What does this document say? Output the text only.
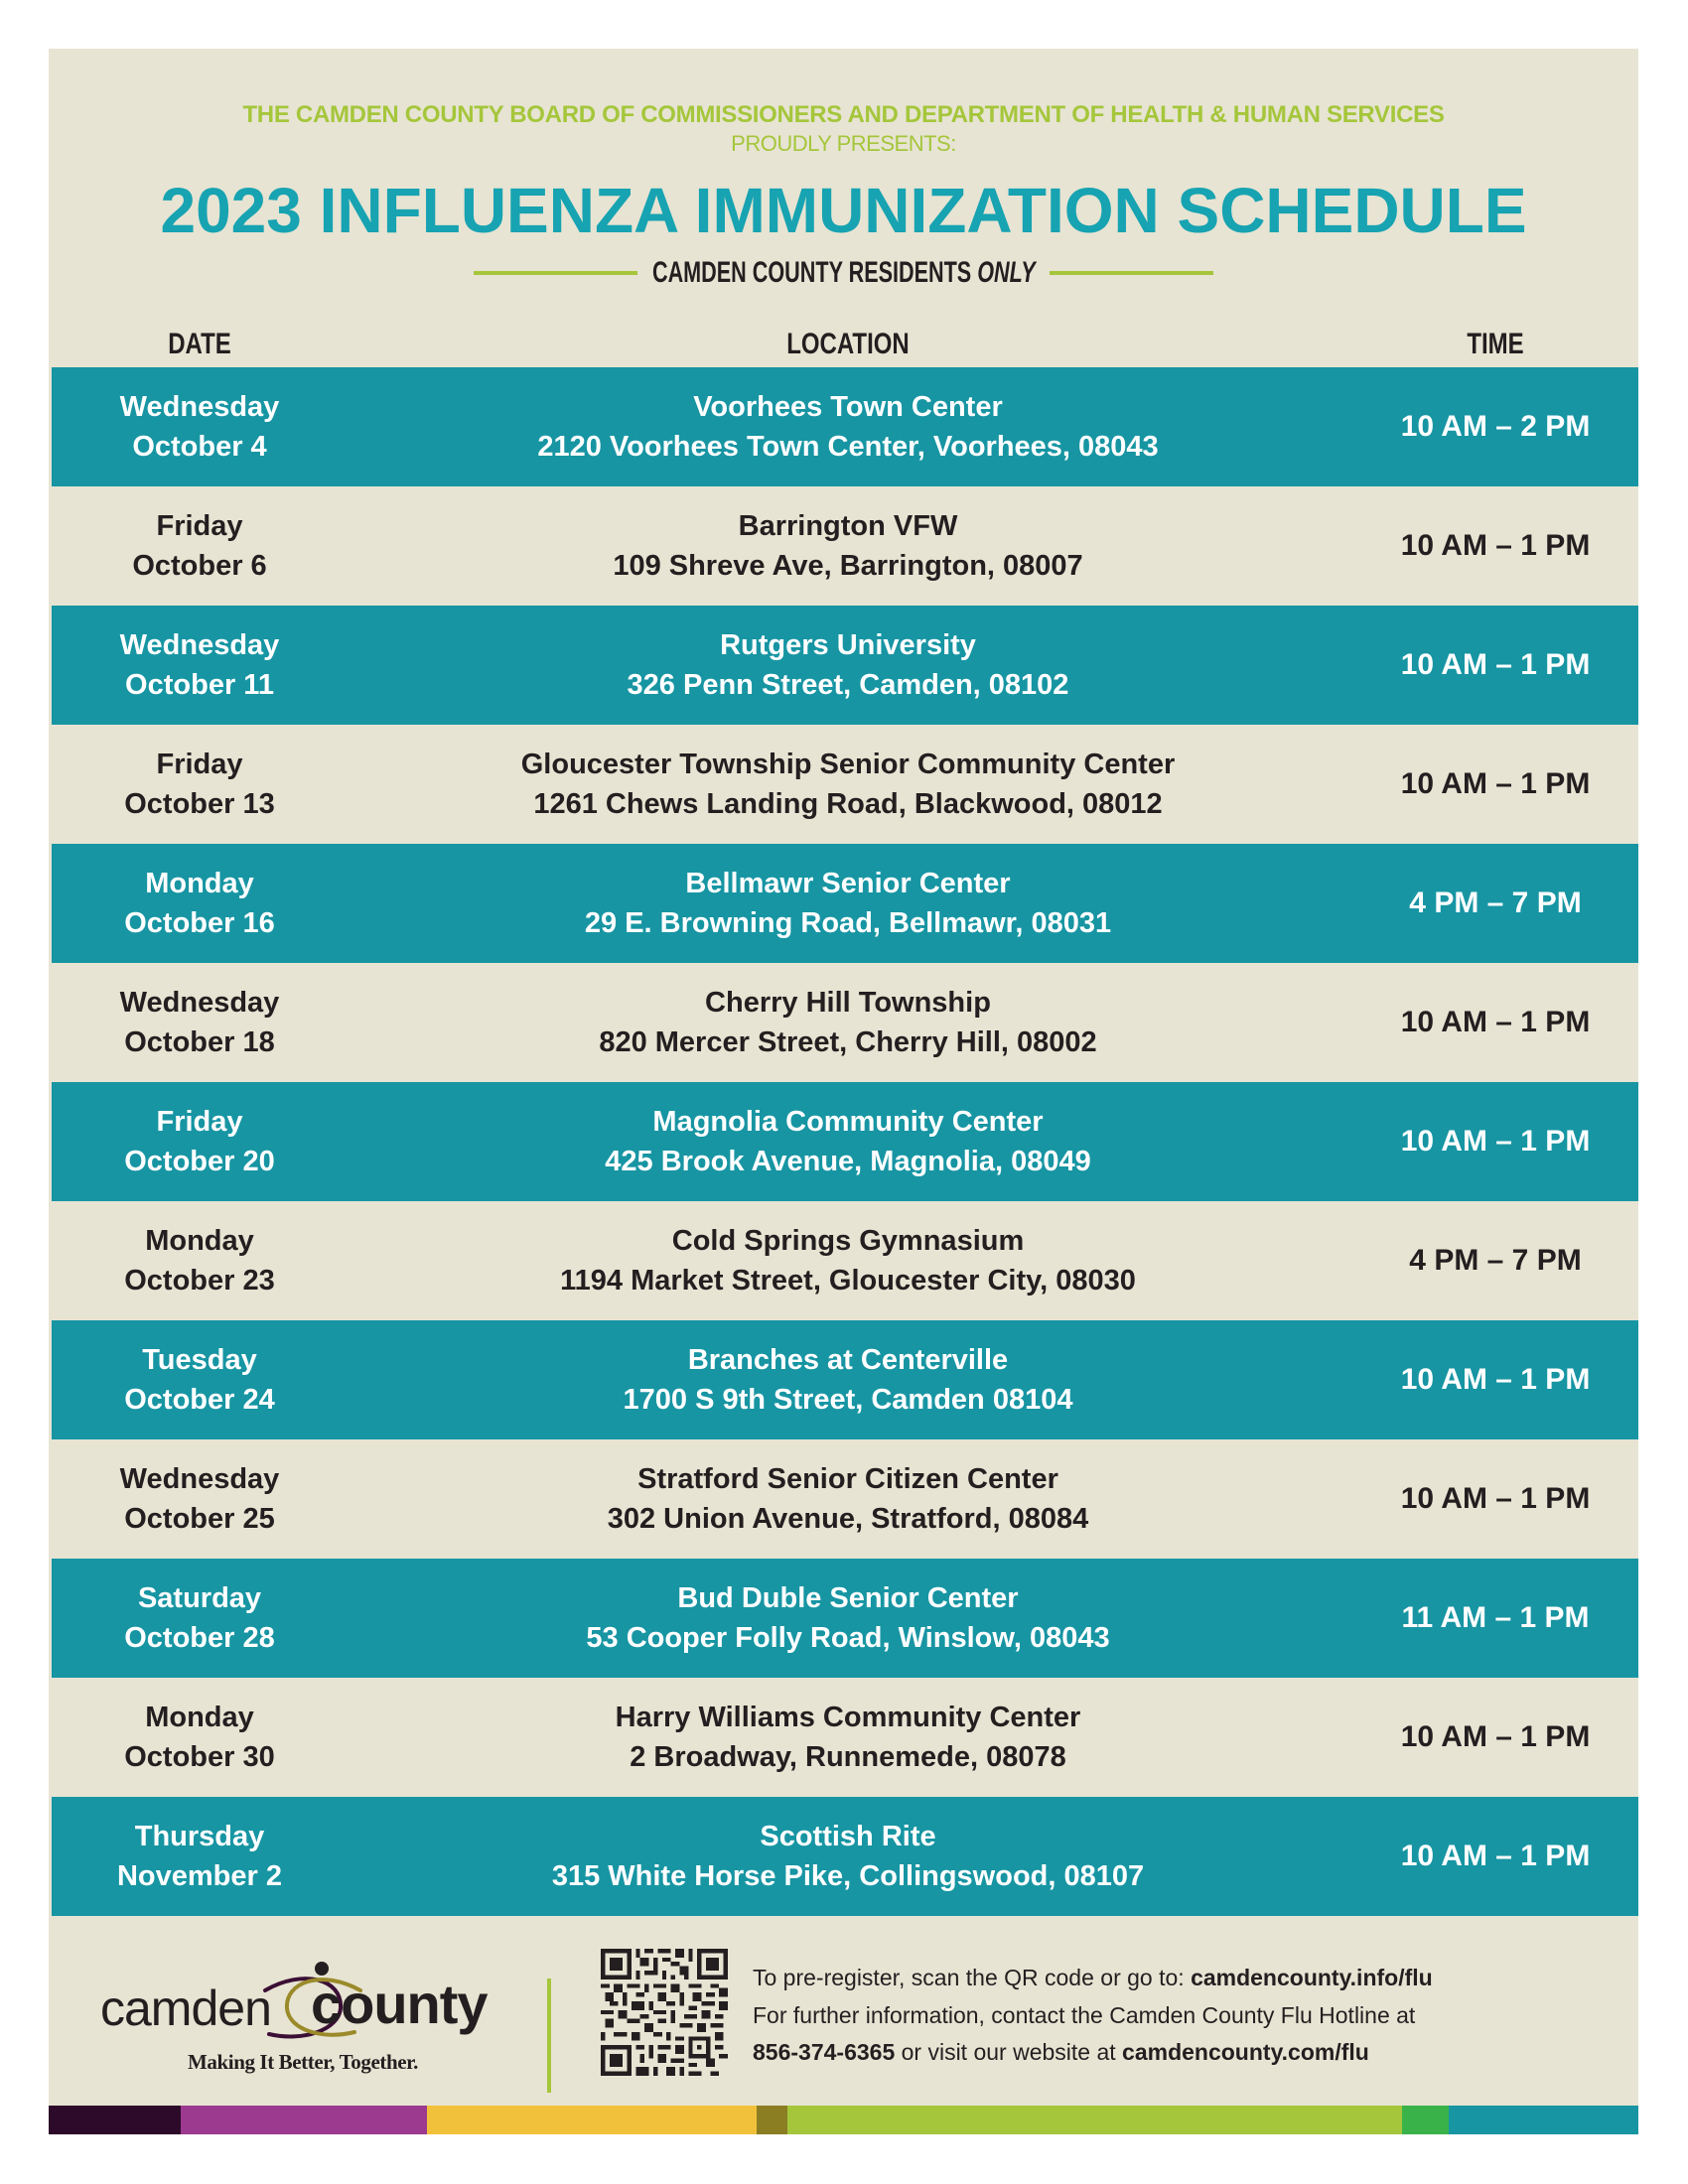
THE CAMDEN COUNTY BOARD OF COMMISSIONERS AND DEPARTMENT OF HEALTH & HUMAN SERVICES
PROUDLY PRESENTS:
2023 INFLUENZA IMMUNIZATION SCHEDULE
CAMDEN COUNTY RESIDENTS ONLY
DATE	LOCATION	TIME
Wednesday
October 4
Voorhees Town Center
2120 Voorhees Town Center, Voorhees, 08043
10 AM – 2 PM
Friday
October 6
Barrington VFW
109 Shreve Ave, Barrington, 08007
10 AM – 1 PM
Wednesday
October 11
Rutgers University
326 Penn Street, Camden, 08102
10 AM – 1 PM
Friday
October 13
Gloucester Township Senior Community Center
1261 Chews Landing Road, Blackwood, 08012
10 AM – 1 PM
Monday
October 16
Bellmawr Senior Center
29 E. Browning Road, Bellmawr, 08031
4 PM – 7 PM
Wednesday
October 18
Cherry Hill Township
820 Mercer Street, Cherry Hill, 08002
10 AM – 1 PM
Friday
October 20
Magnolia Community Center
425 Brook Avenue, Magnolia, 08049
10 AM – 1 PM
Monday
October 23
Cold Springs Gymnasium
1194 Market Street, Gloucester City, 08030
4 PM – 7 PM
Tuesday
October 24
Branches at Centerville
1700 S 9th Street, Camden 08104
10 AM – 1 PM
Wednesday
October 25
Stratford Senior Citizen Center
302 Union Avenue, Stratford, 08084
10 AM – 1 PM
Saturday
October 28
Bud Duble Senior Center
53 Cooper Folly Road, Winslow, 08043
11 AM – 1 PM
Monday
October 30
Harry Williams Community Center
2 Broadway, Runnemede, 08078
10 AM – 1 PM
Thursday
November 2
Scottish Rite
315 White Horse Pike, Collingswood, 08107
10 AM – 1 PM
camden county
Making It Better, Together.
To pre-register, scan the QR code or go to: camdencounty.info/flu
For further information, contact the Camden County Flu Hotline at
856-374-6365 or visit our website at camdencounty.com/flu
